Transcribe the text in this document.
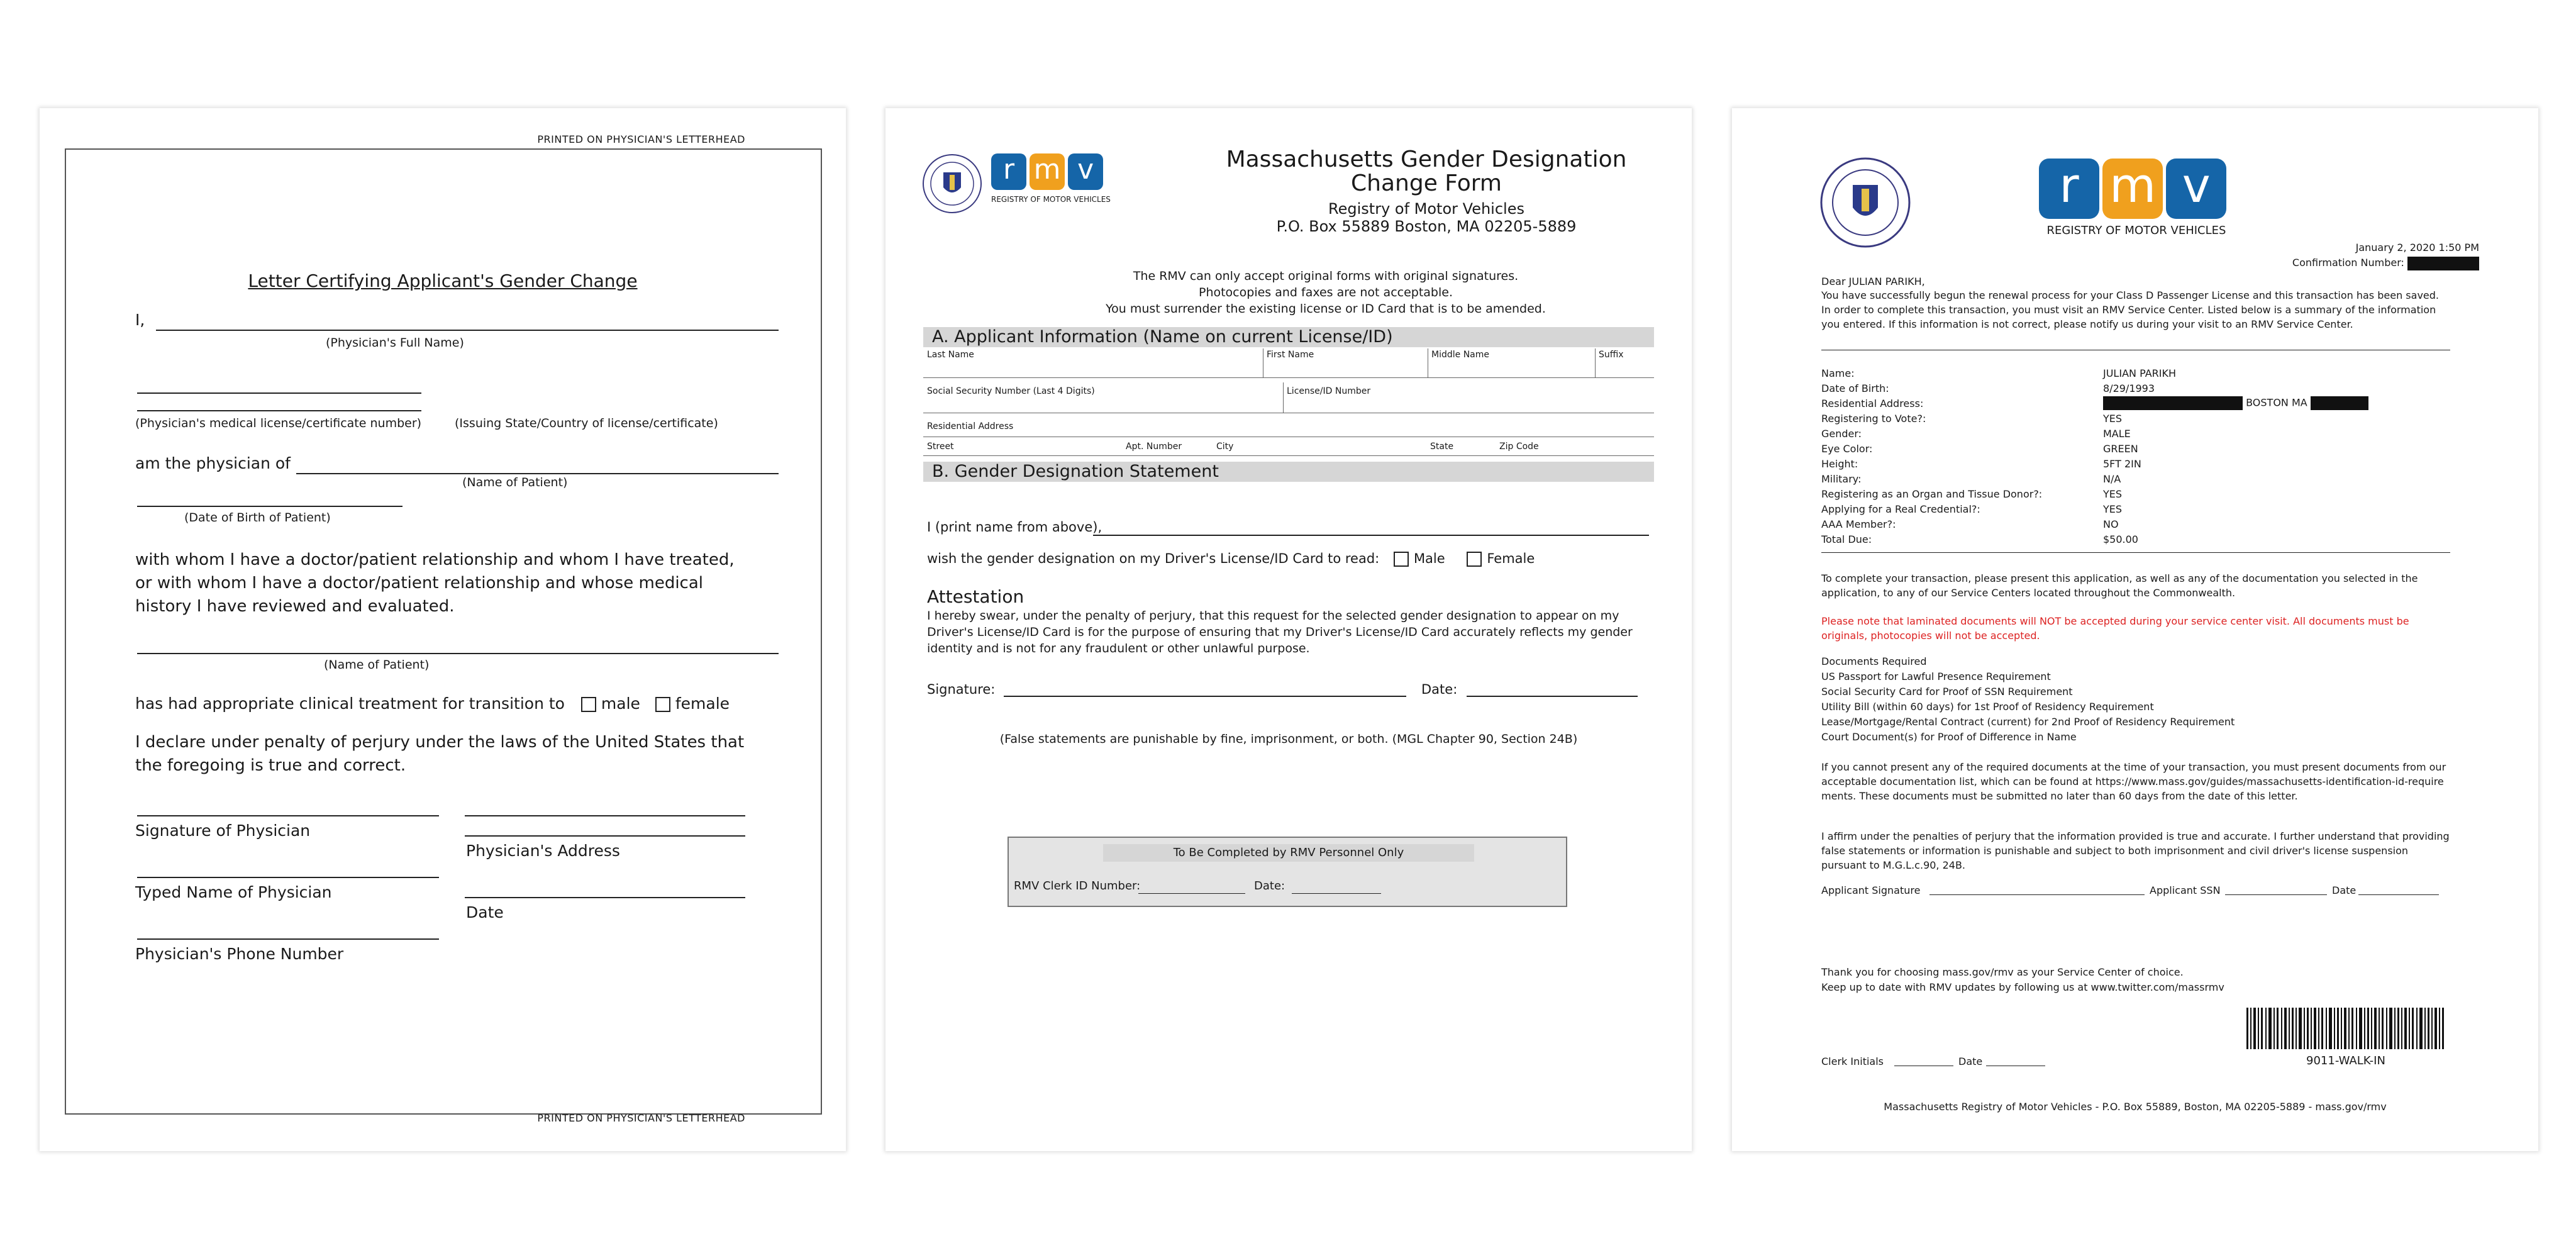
PRINTED ON PHYSICIAN'S LETTERHEAD
Letter Certifying Applicant's Gender Change
I,
(Physician's Full Name)
(Physician's medical license/certificate number)	(Issuing State/Country of license/certificate)
am the physician of
(Name of Patient)
(Date of Birth of Patient)
with whom I have a doctor/patient relationship and whom I have treated, or with whom I have a doctor/patient relationship and whose medical history I have reviewed and evaluated.
(Name of Patient)
has had appropriate clinical treatment for transition to male female
I declare under penalty of perjury under the laws of the United States that the foregoing is true and correct.
Signature of Physician
Physician's Address
Typed Name of Physician
Date
Physician's Phone Number
PRINTED ON PHYSICIAN'S LETTERHEAD
r m v
REGISTRY OF MOTOR VEHICLES
Massachusetts Gender Designation
Change Form
Registry of Motor Vehicles
P.O. Box 55889 Boston, MA 02205-5889
The RMV can only accept original forms with original signatures.
Photocopies and faxes are not acceptable.
You must surrender the existing license or ID Card that is to be amended.
A. Applicant Information (Name on current License/ID)
Last Name	First Name	Middle Name	Suffix
Social Security Number (Last 4 Digits)	License/ID Number
Residential Address
Street	Apt. Number	City	State	Zip Code
B. Gender Designation Statement
I (print name from above),
wish the gender designation on my Driver's License/ID Card to read:	Male	Female
Attestation
I hereby swear, under the penalty of perjury, that this request for the selected gender designation to appear on my Driver's License/ID Card is for the purpose of ensuring that my Driver's License/ID Card accurately reflects my gender identity and is not for any fraudulent or other unlawful purpose.
Signature:	Date:
(False statements are punishable by fine, imprisonment, or both. (MGL Chapter 90, Section 24B)
To Be Completed by RMV Personnel Only
RMV Clerk ID Number:	Date:
r m v
REGISTRY OF MOTOR VEHICLES
January 2, 2020 1:50 PM
Confirmation Number:
Dear JULIAN PARIKH,
You have successfully begun the renewal process for your Class D Passenger License and this transaction has been saved. In order to complete this transaction, you must visit an RMV Service Center. Listed below is a summary of the information you entered. If this information is not correct, please notify us during your visit to an RMV Service Center.
Name:	JULIAN PARIKH
Date of Birth:	8/29/1993
Residential Address:	BOSTON MA
Registering to Vote?:	YES
Gender:	MALE
Eye Color:	GREEN
Height:	5FT 2IN
Military:	N/A
Registering as an Organ and Tissue Donor?:	YES
Applying for a Real Credential?:	YES
AAA Member?:	NO
Total Due:	$50.00
To complete your transaction, please present this application, as well as any of the documentation you selected in the application, to any of our Service Centers located throughout the Commonwealth.
Please note that laminated documents will NOT be accepted during your service center visit. All documents must be originals, photocopies will not be accepted.
Documents Required
US Passport for Lawful Presence Requirement
Social Security Card for Proof of SSN Requirement
Utility Bill (within 60 days) for 1st Proof of Residency Requirement
Lease/Mortgage/Rental Contract (current) for 2nd Proof of Residency Requirement
Court Document(s) for Proof of Difference in Name
If you cannot present any of the required documents at the time of your transaction, you must present documents from our acceptable documentation list, which can be found at https://www.mass.gov/guides/massachusetts-identification-id-requirements. These documents must be submitted no later than 60 days from the date of this letter.
I affirm under the penalties of perjury that the information provided is true and accurate. I further understand that providing false statements or information is punishable and subject to both imprisonment and civil driver's license suspension pursuant to M.G.L.c.90, 24B.
Applicant Signature	Applicant SSN	Date
Thank you for choosing mass.gov/rmv as your Service Center of choice.
Keep up to date with RMV updates by following us at www.twitter.com/massrmv
9011-WALK-IN
Clerk Initials	Date
Massachusetts Registry of Motor Vehicles - P.O. Box 55889, Boston, MA 02205-5889 - mass.gov/rmv
